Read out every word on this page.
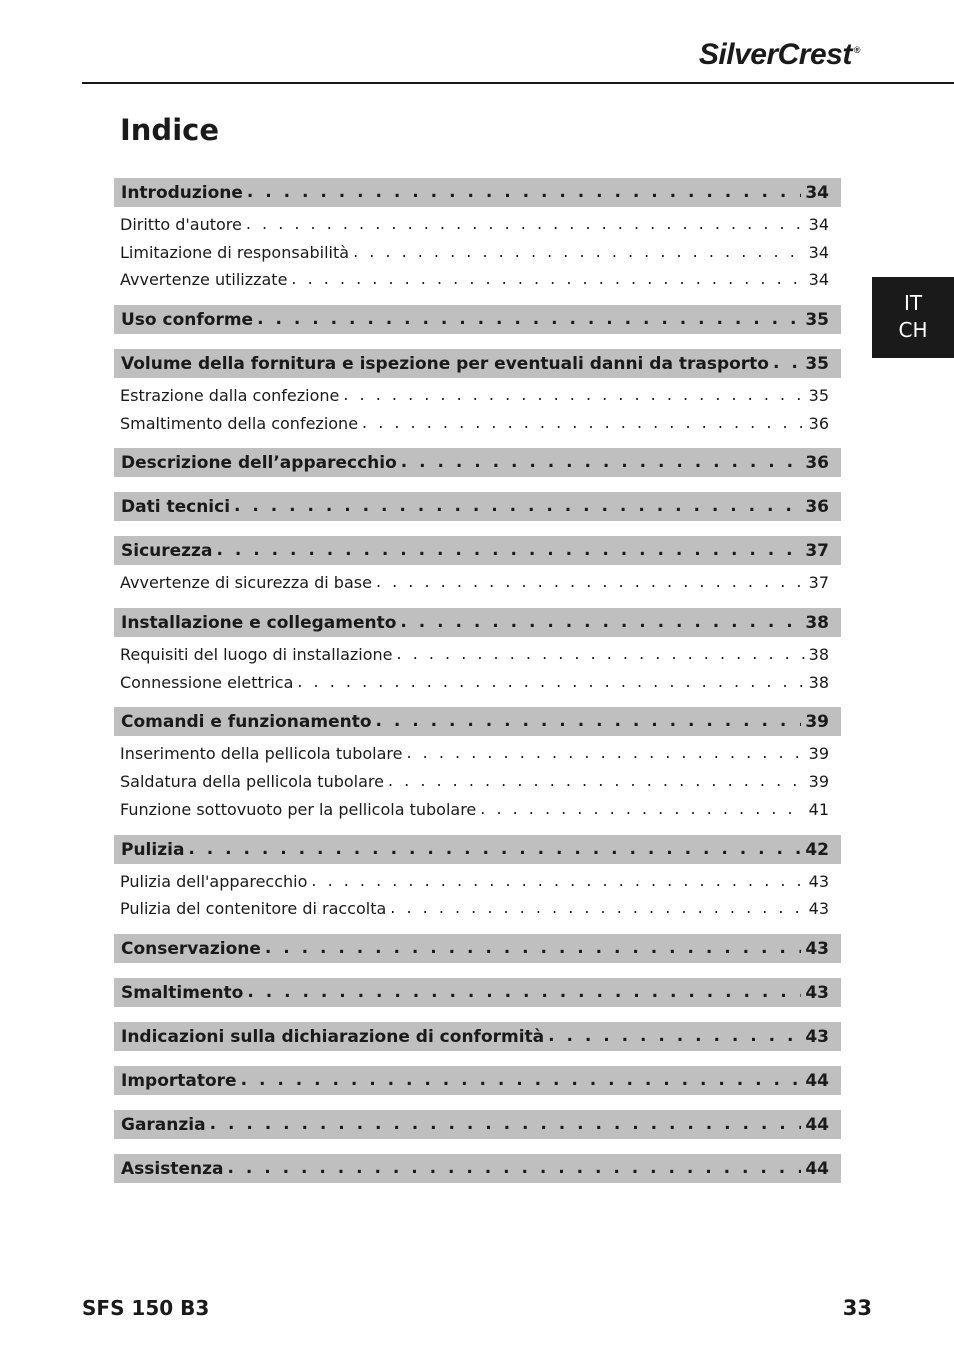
SilverCrest ®
Indice
IT
CH
Introduzione . . .	34
Diritto d'autore . . .	34
Limitazione di responsabilità . . .	34
Avvertenze utilizzate . . .	34
Uso conforme . . .	35
Volume della fornitura e ispezione per eventuali danni da trasporto . . . 35
Estrazione dalla confezione . . .	35
Smaltimento della confezione . . .	36
Descrizione dell’apparecchio . . .	36
Dati tecnici . . .	36
Sicurezza . . .	37
Avvertenze di sicurezza di base . . .	37
Installazione e collegamento . . .	38
Requisiti del luogo di installazione . . .	38
Connessione elettrica . . .	38
Comandi e funzionamento . . .	39
Inserimento della pellicola tubolare . . .	39
Saldatura della pellicola tubolare . . .	39
Funzione sottovuoto per la pellicola tubolare . . .	41
Pulizia . . .	42
Pulizia dell'apparecchio . . .	43
Pulizia del contenitore di raccolta . . .	43
Conservazione . . .	43
Smaltimento . . .	43
Indicazioni sulla dichiarazione di conformità . . .	43
Importatore . . .	44
Garanzia . . .	44
Assistenza . . .	44
SFS 150 B3	33
